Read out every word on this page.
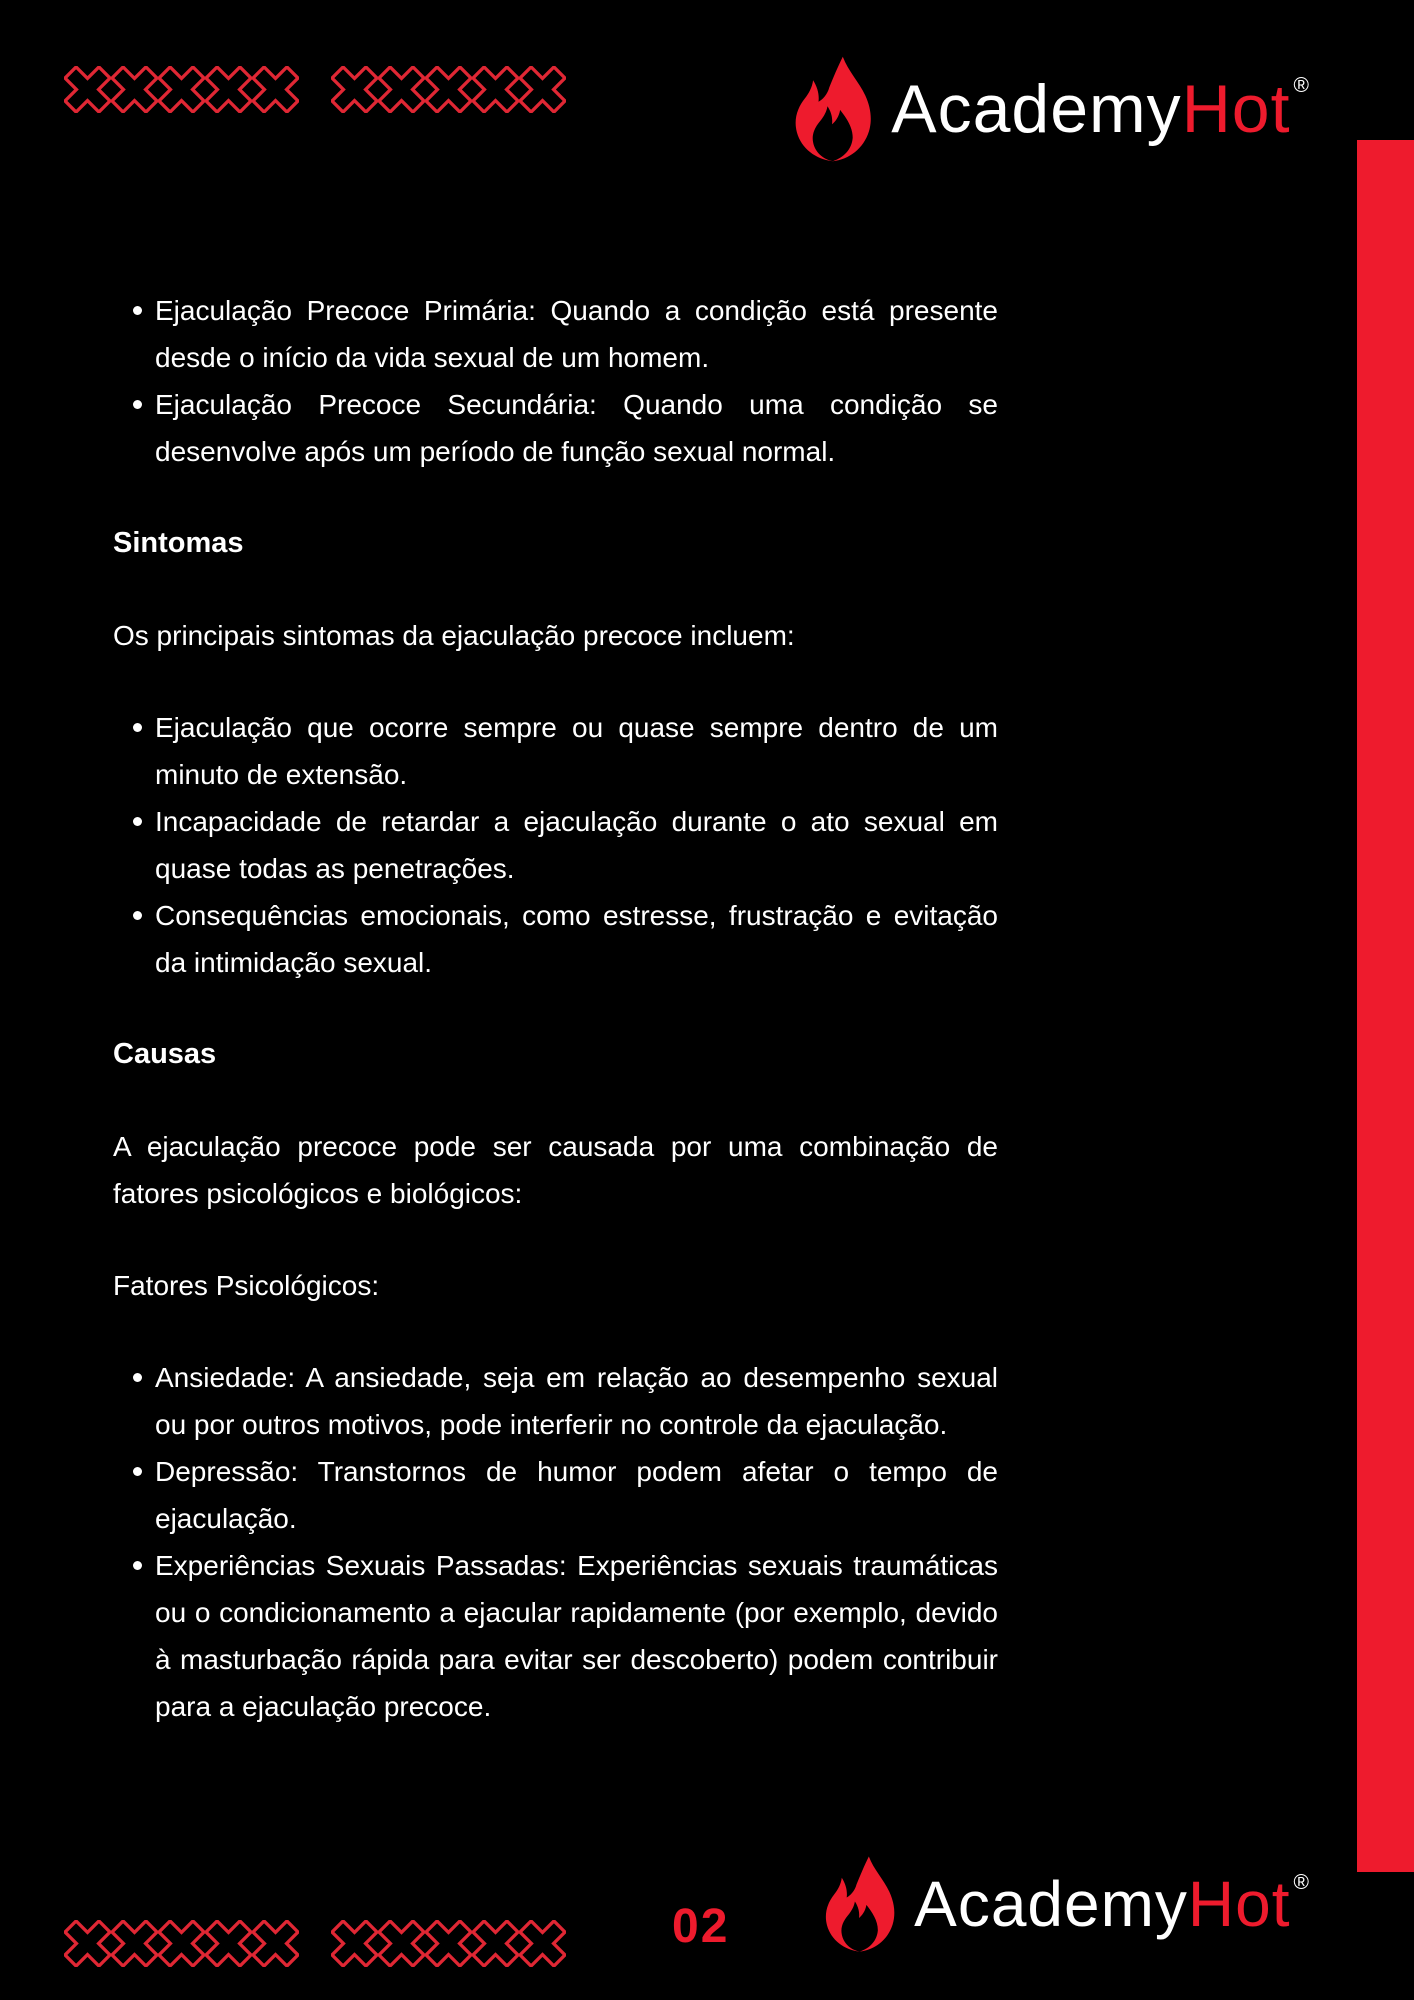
Academy Hot ®
Ejaculação Precoce Primária: Quando a condição está presente desde o início da vida sexual de um homem.
Ejaculação Precoce Secundária: Quando uma condição se desenvolve após um período de função sexual normal.
Sintomas

Os principais sintomas da ejaculação precoce incluem:

Ejaculação que ocorre sempre ou quase sempre dentro de um minuto de extensão.
Incapacidade de retardar a ejaculação durante o ato sexual em quase todas as penetrações.
Consequências emocionais, como estresse, frustração e evitação da intimidação sexual.
Causas

A ejaculação precoce pode ser causada por uma combinação de fatores psicológicos e biológicos:

Fatores Psicológicos:

Ansiedade: A ansiedade, seja em relação ao desempenho sexual ou por outros motivos, pode interferir no controle da ejaculação.
Depressão: Transtornos de humor podem afetar o tempo de ejaculação.
Experiências Sexuais Passadas: Experiências sexuais traumáticas ou o condicionamento a ejacular rapidamente (por exemplo, devido à masturbação rápida para evitar ser descoberto) podem contribuir para a ejaculação precoce.
02	Academy Hot ®
